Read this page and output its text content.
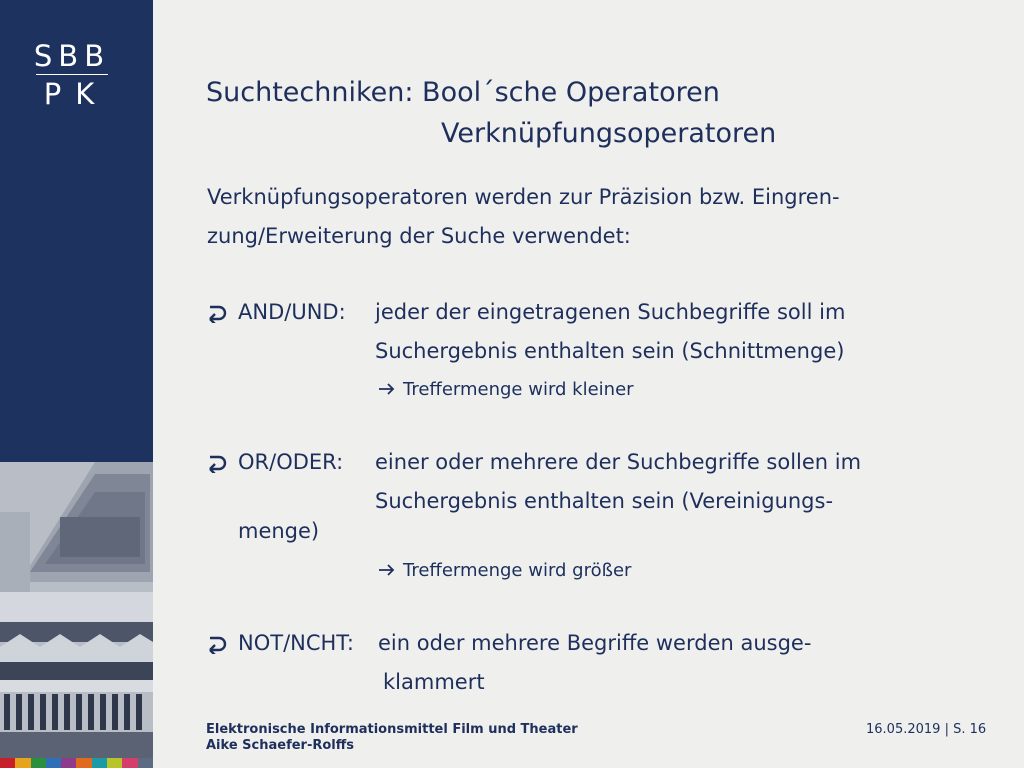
SBB
PK	Suchtechniken: Bool´sche Operatoren
Verknüpfungsoperatoren
Verknüpfungsoperatoren werden zur Präzision bzw. Eingren-
zung/Erweiterung der Suche verwendet:
AND/UND: jeder der eingetragenen Suchbegriffe soll im
Suchergebnis enthalten sein (Schnittmenge)
Treffermenge wird kleiner
OR/ODER: einer oder mehrere der Suchbegriffe sollen im
Suchergebnis enthalten sein (Vereinigungs-
menge)
Treffermenge wird größer
NOT/NCHT: ein oder mehrere Begriffe werden ausge-
klammert
Elektronische Informationsmittel Film und Theater
Aike Schaefer-Rolffs
16.05.2019 | S. 16
